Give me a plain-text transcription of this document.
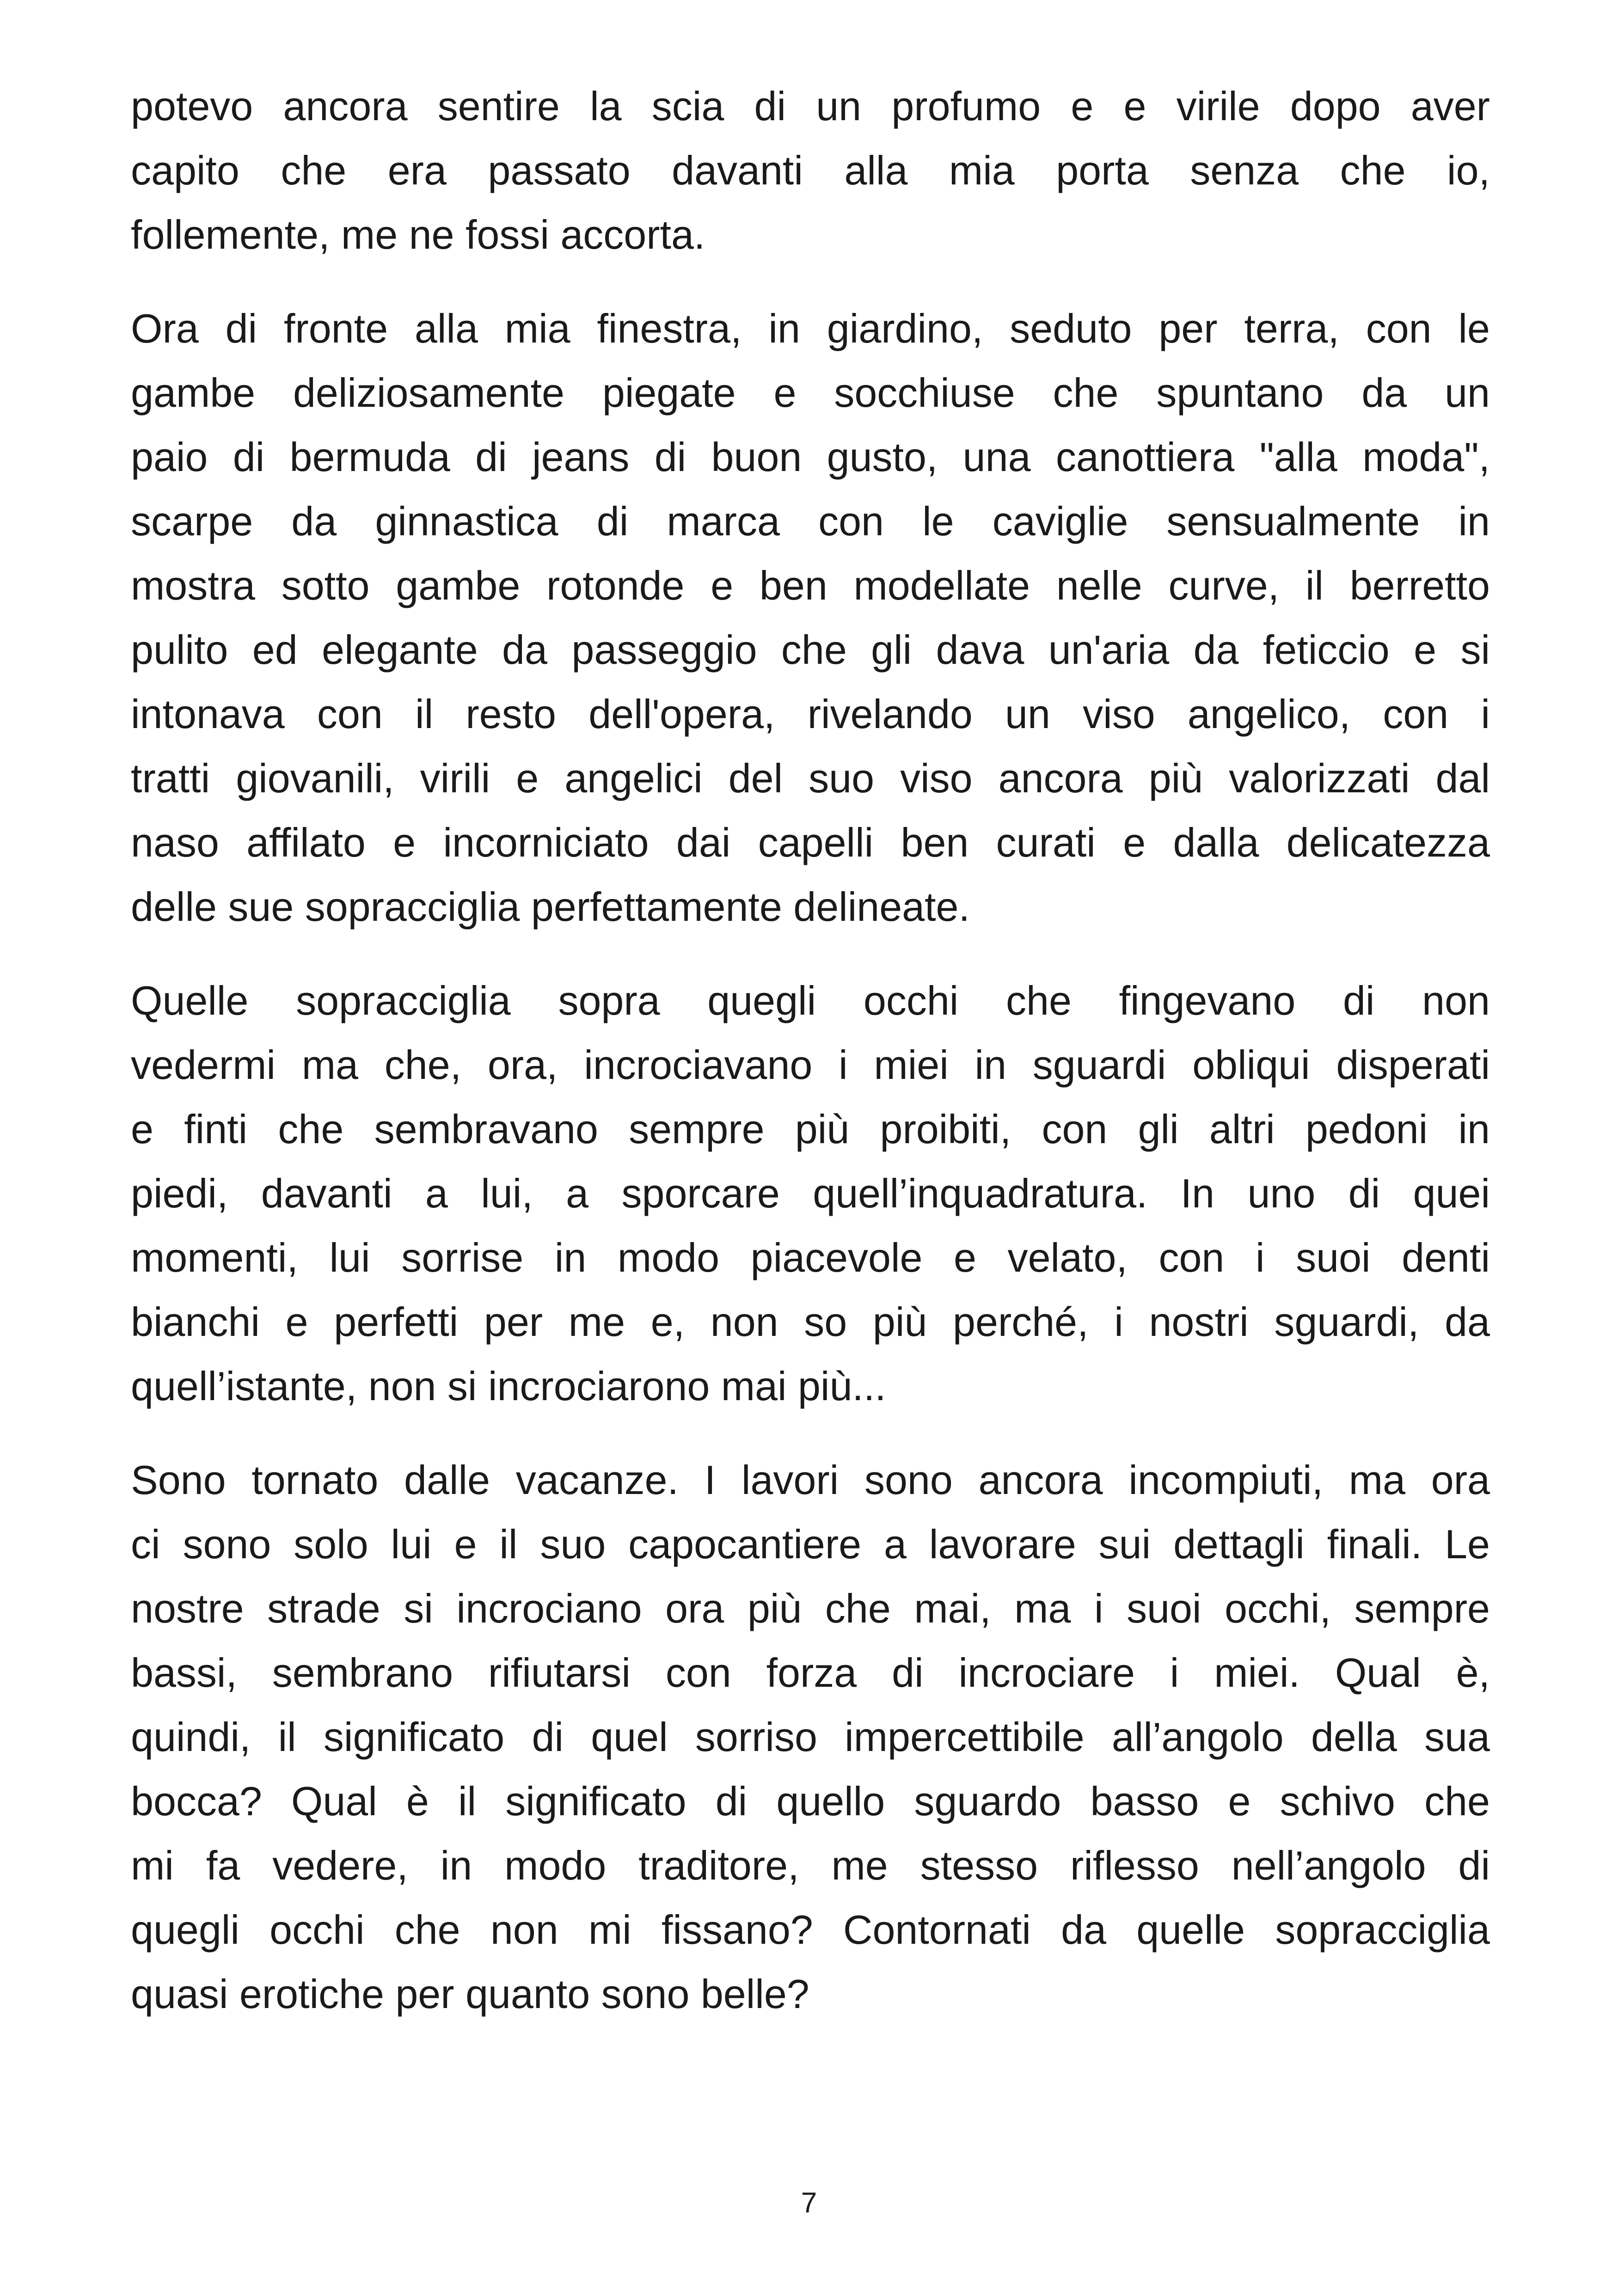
potevo ancora sentire la scia di un profumo e e virile dopo aver
capito che era passato davanti alla mia porta senza che io,
follemente, me ne fossi accorta.
Ora di fronte alla mia finestra, in giardino, seduto per terra, con le
gambe deliziosamente piegate e socchiuse che spuntano da un
paio di bermuda di jeans di buon gusto, una canottiera "alla moda",
scarpe da ginnastica di marca con le caviglie sensualmente in
mostra sotto gambe rotonde e ben modellate nelle curve, il berretto
pulito ed elegante da passeggio che gli dava un'aria da feticcio e si
intonava con il resto dell'opera, rivelando un viso angelico, con i
tratti giovanili, virili e angelici del suo viso ancora più valorizzati dal
naso affilato e incorniciato dai capelli ben curati e dalla delicatezza
delle sue sopracciglia perfettamente delineate.
Quelle sopracciglia sopra quegli occhi che fingevano di non
vedermi ma che, ora, incrociavano i miei in sguardi obliqui disperati
e finti che sembravano sempre più proibiti, con gli altri pedoni in
piedi, davanti a lui, a sporcare quell’inquadratura. In uno di quei
momenti, lui sorrise in modo piacevole e velato, con i suoi denti
bianchi e perfetti per me e, non so più perché, i nostri sguardi, da
quell’istante, non si incrociarono mai più...
Sono tornato dalle vacanze. I lavori sono ancora incompiuti, ma ora
ci sono solo lui e il suo capocantiere a lavorare sui dettagli finali. Le
nostre strade si incrociano ora più che mai, ma i suoi occhi, sempre
bassi, sembrano rifiutarsi con forza di incrociare i miei. Qual è,
quindi, il significato di quel sorriso impercettibile all’angolo della sua
bocca? Qual è il significato di quello sguardo basso e schivo che
mi fa vedere, in modo traditore, me stesso riflesso nell’angolo di
quegli occhi che non mi fissano? Contornati da quelle sopracciglia
quasi erotiche per quanto sono belle?
7
